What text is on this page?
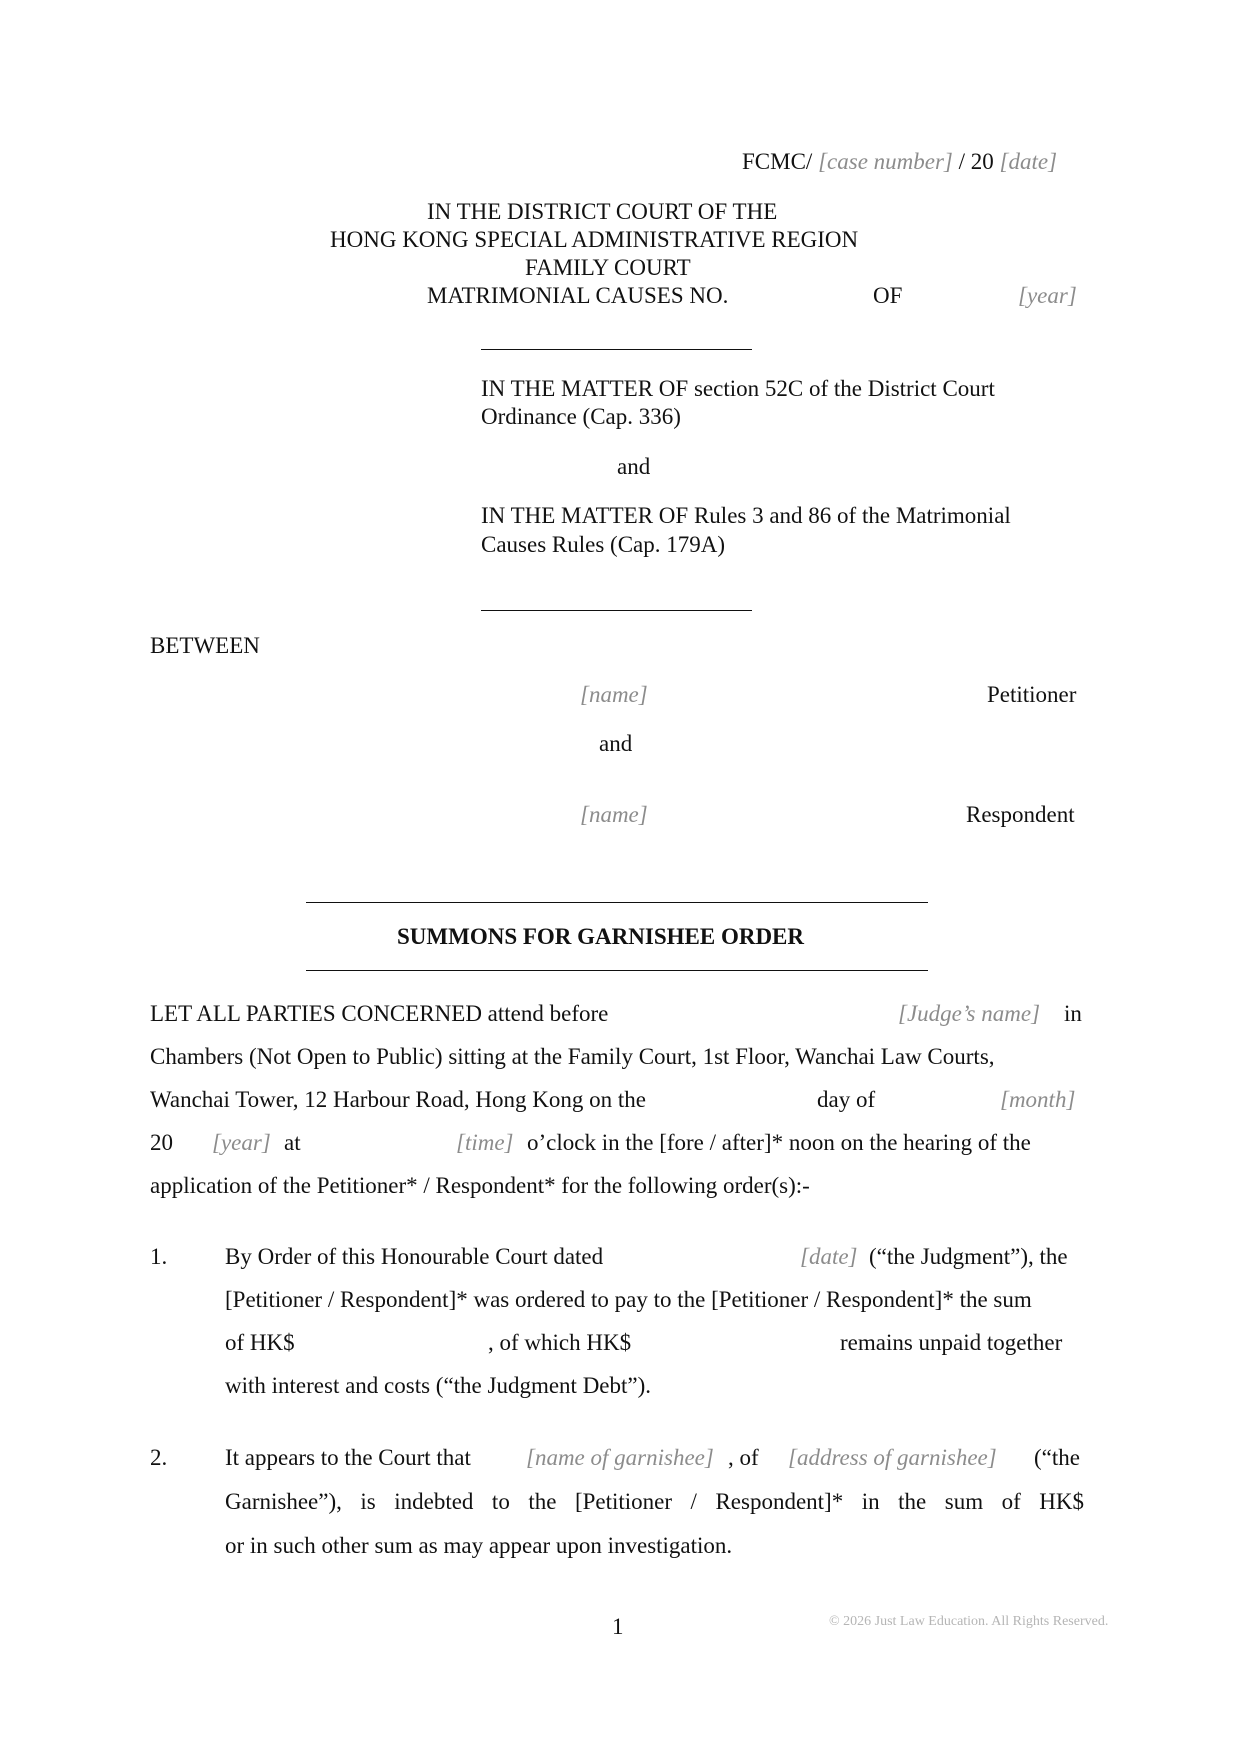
FCMC/ [case number] / 20 [date]
IN THE DISTRICT COURT OF THE
HONG KONG SPECIAL ADMINISTRATIVE REGION
FAMILY COURT
MATRIMONIAL CAUSES NO.	OF	[year]
IN THE MATTER OF section 52C of the District Court
Ordinance (Cap. 336)
and
IN THE MATTER OF Rules 3 and 86 of the Matrimonial
Causes Rules (Cap. 179A)
BETWEEN
[name]	Petitioner
and
[name]	Respondent
SUMMONS FOR GARNISHEE ORDER
LET ALL PARTIES CONCERNED attend before	[Judge’s name] in
Chambers (Not Open to Public) sitting at the Family Court, 1st Floor, Wanchai Law Courts,
Wanchai Tower, 12 Harbour Road, Hong Kong on the	day of	[month]
20 [year] at	[time] o’clock in the [fore / after]* noon on the hearing of the
application of the Petitioner* / Respondent* for the following order(s):-
1.	By Order of this Honourable Court dated	[date] (“the Judgment”), the
[Petitioner / Respondent]* was ordered to pay to the [Petitioner / Respondent]* the sum
of HK$	, of which HK$	remains unpaid together
with interest and costs (“the Judgment Debt”).
2.	It appears to the Court that [name of garnishee] , of [address of garnishee] (“the
Garnishee”), is indebted to the [Petitioner / Respondent]* in the sum of HK$
or in such other sum as may appear upon investigation.
1	© 2026 Just Law Education. All Rights Reserved.
